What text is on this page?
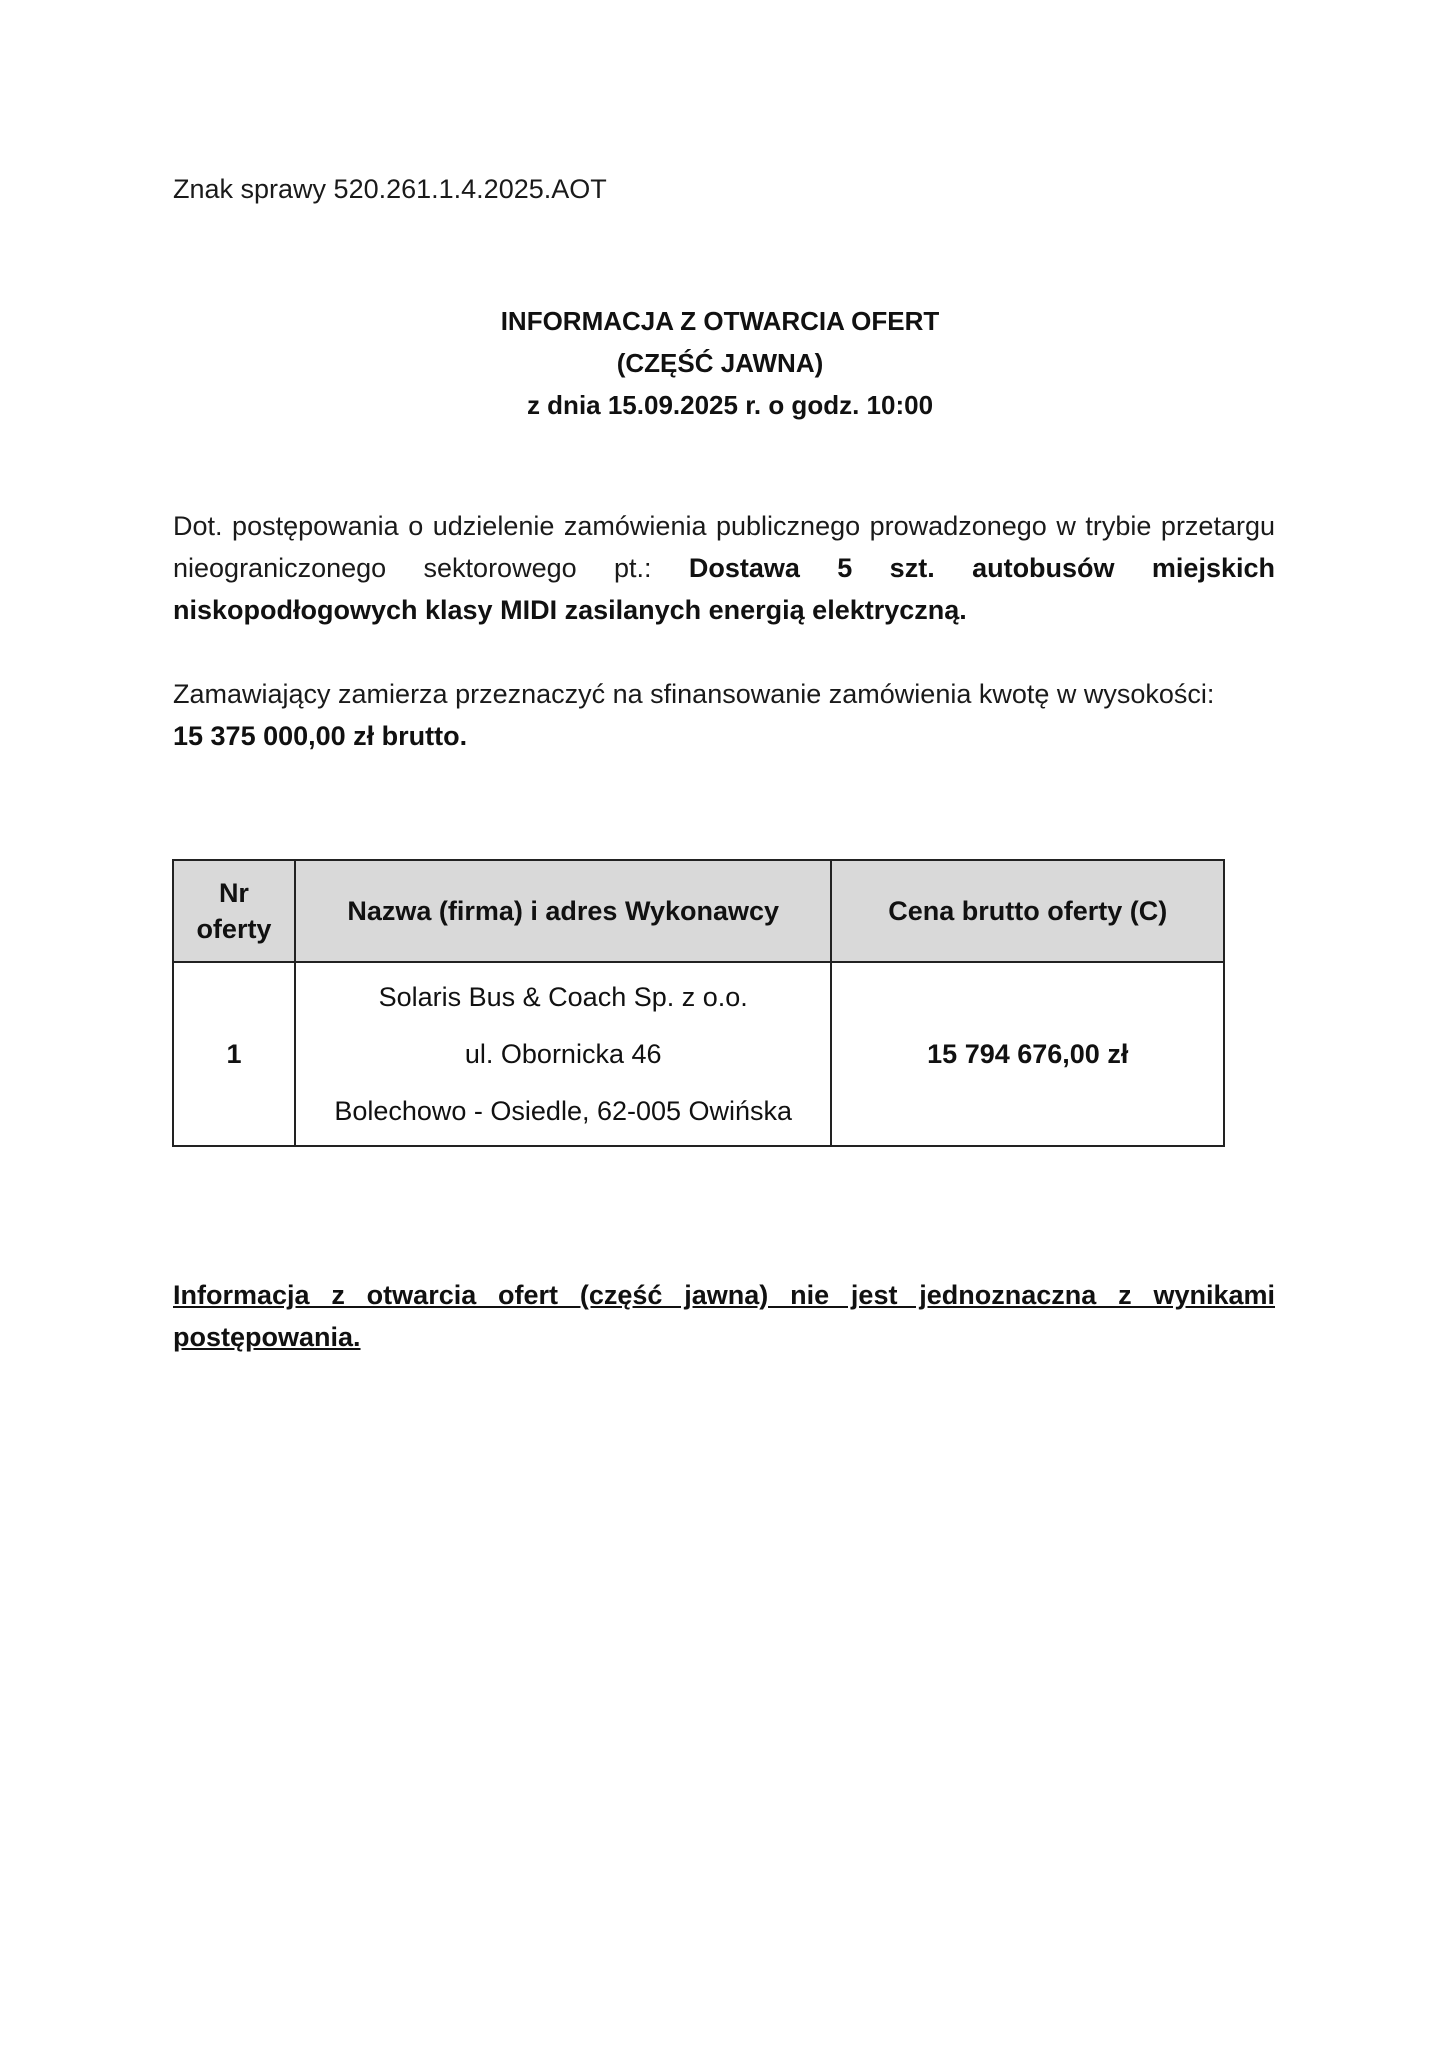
Znak sprawy 520.261.1.4.2025.AOT
INFORMACJA Z OTWARCIA OFERT
(CZĘŚĆ JAWNA)
z dnia 15.09.2025 r. o godz. 10:00
Dot. postępowania o udzielenie zamówienia publicznego prowadzonego w trybie przetargu nieograniczonego sektorowego pt.: Dostawa 5 szt. autobusów miejskich niskopodłogowych klasy MIDI zasilanych energią elektryczną.
Zamawiający zamierza przeznaczyć na sfinansowanie zamówienia kwotę w wysokości:
15 375 000,00 zł brutto.
Nr
oferty	Nazwa (firma) i adres Wykonawcy	Cena brutto oferty (C)
1	Solaris Bus & Coach Sp. z o.o.
ul. Obornicka 46
Bolechowo - Osiedle, 62-005 Owińska	15 794 676,00 zł
Informacja z otwarcia ofert (część jawna) nie jest jednoznaczna z wynikami postępowania.
